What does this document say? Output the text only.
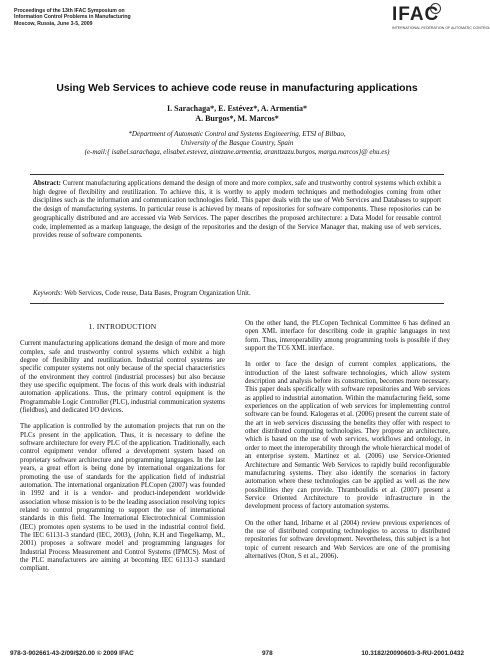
Proceedings of the 13th IFAC Symposium on
Information Control Problems in Manufacturing
Moscow, Russia, June 3-5, 2009	IFAC
INTERNATIONAL FEDERATION OF AUTOMATIC CONTROL
Using Web Services to achieve code reuse in manufacturing applications
I. Sarachaga*, E. Estévez*, A. Armentia*
A. Burgos*, M. Marcos*
*Department of Automatic Control and Systems Engineering, ETSI of Bilbao,
University of the Basque Country, Spain
(e-mail:{ isabel.sarachaga, elisabet.estevez, aintzane.armentia, aranttzazu.burgos, marga.marcos}@ ehu.es)
Abstract: Current manufacturing applications demand the design of more and more complex, safe and trustworthy control systems which exhibit a high degree of flexibility and reutilization. To achieve this, it is worthy to apply modern techniques and methodologies coming from other disciplines such as the information and communication technologies field. This paper deals with the use of Web Services and Databases to support the design of manufacturing systems. In particular reuse is achieved by means of repositories for software components. These repositories can be geographically distributed and are accessed via Web Services. The paper describes the proposed architecture: a Data Model for reusable control code, implemented as a markup language, the design of the repositories and the design of the Service Manager that, making use of web services, provides reuse of software components.
Keywords: Web Services, Code reuse, Data Bases, Program Organization Unit.
1. INTRODUCTION

Current manufacturing applications demand the design of more and more complex, safe and trustworthy control systems which exhibit a high degree of flexibility and reutilization. Industrial control systems are specific computer systems not only because of the special characteristics of the environment they control (industrial processes) but also because they use specific equipment. The focus of this work deals with industrial automation applications. Thus, the primary control equipment is the Programmable Logic Controller (PLC), industrial communication systems (fieldbus), and dedicated I/O devices.

The application is controlled by the automation projects that run on the PLCs present in the application. Thus, it is necessary to define the software architecture for every PLC of the application. Traditionally, each control equipment vendor offered a development system based on proprietary software architecture and programming languages. In the last years, a great effort is being done by international organizations for promoting the use of standards for the application field of industrial automation. The international organization PLCopen (2007) was founded in 1992 and it is a vendor- and product-independent worldwide association whose mission is to be the leading association resolving topics related to control programming to support the use of international standards in this field. The International Electrotechnical Commission (IEC) promotes open systems to be used in the industrial control field. The IEC 61131-3 standard (IEC, 2003), (John, K.H and Tiegelkamp, M., 2001) proposes a software model and programming languages for Industrial Process Measurement and Control Systems (IPMCS). Most of the PLC manufacturers are aiming at becoming IEC 61131-3 standard compliant.

On the other hand, the PLCopen Technical Committee 6 has defined an open XML interface for describing code in graphic languages in text form. Thus, interoperability among programming tools is possible if they support the TC6 XML interface.

In order to face the design of current complex applications, the introduction of the latest software technologies, which allow system description and analysis before its construction, becomes more necessary. This paper deals specifically with software repositories and Web services as applied to industrial automation. Within the manufacturing field, some experiences on the application of web services for implementing control software can be found. Kalogeras et al. (2006) present the current state of the art in web services discussing the benefits they offer with respect to other distributed computing technologies. They propose an architecture, which is based on the use of web services, workflows and ontology, in order to meet the interoperability through the whole hierarchical model of an enterprise system. Martinez et al. (2006) use Service-Oriented Architecture and Semantic Web Services to rapidly build reconfigurable manufacturing systems. They also identify the scenarios in factory automation where these technologies can be applied as well as the new possibilities they can provide. Thramboulidis et al. (2007) present a Service Oriented Architecture to provide infrastructure in the development process of factory automation systems.

On the other hand, Iribarne et al (2004) review previous experiences of the use of distributed computing technologies to access to distributed repositories for software development. Nevertheless, this subject is a hot topic of current research and Web Services are one of the promising alternatives (Oton, S et al., 2006).

978-3-902661-43-2/09/$20.00 © 2009 IFAC	978	10.3182/20090603-3-RU-2001.0432
